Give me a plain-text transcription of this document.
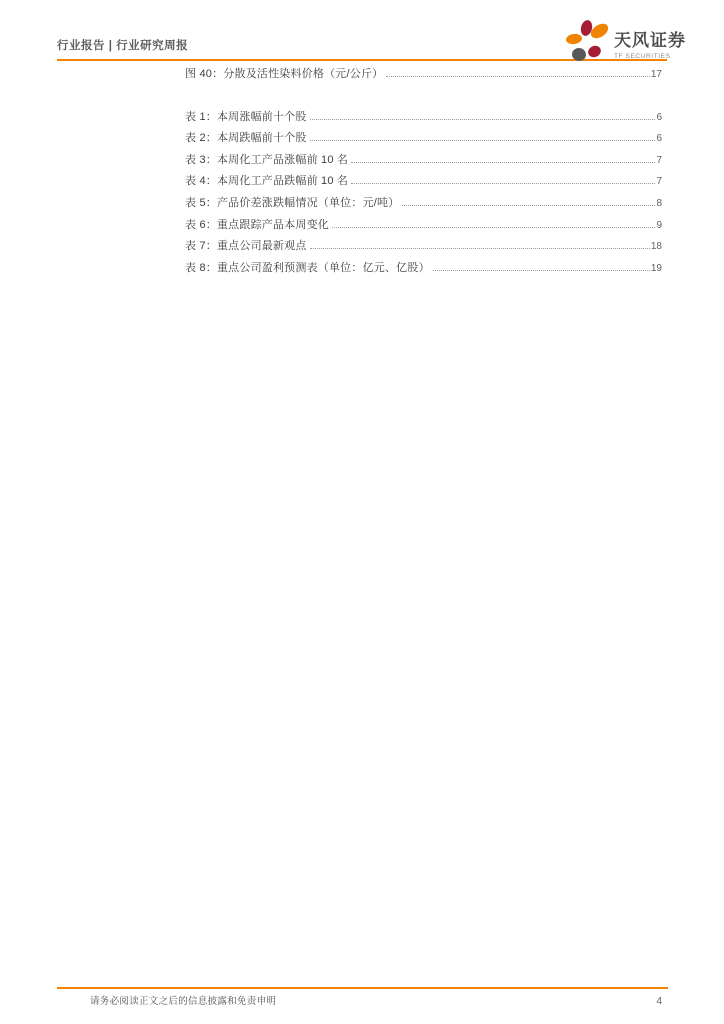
行业报告 | 行业研究周报	天风证券
TF SECURITIES
图 40：分散及活性染料价格（元/公斤）	17
表 1：本周涨幅前十个股	6
表 2：本周跌幅前十个股	6
表 3：本周化工产品涨幅前 10 名	7
表 4：本周化工产品跌幅前 10 名	7
表 5：产品价差涨跌幅情况（单位：元/吨）	8
表 6：重点跟踪产品本周变化	9
表 7：重点公司最新观点	18
表 8：重点公司盈利预测表（单位：亿元、亿股）	19
请务必阅读正文之后的信息披露和免责申明	4
